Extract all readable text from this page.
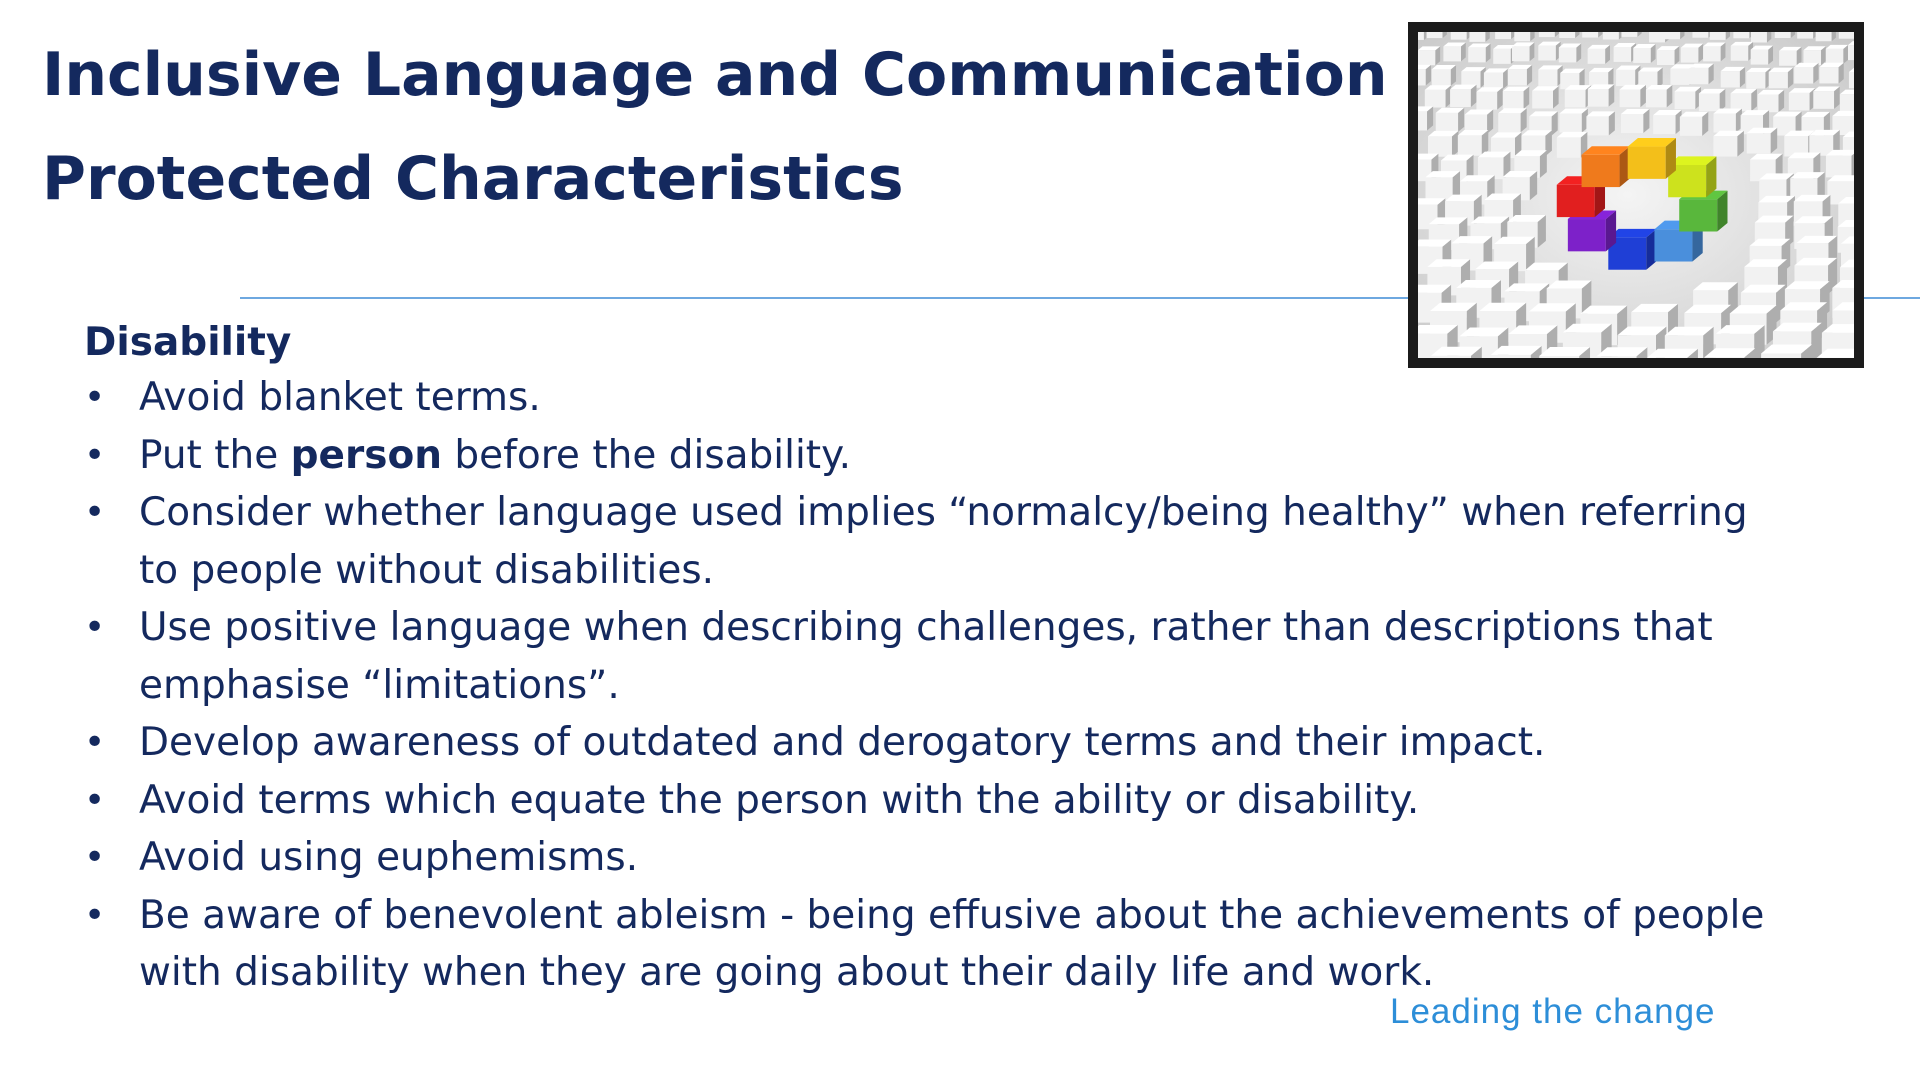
Inclusive Language and Communication
Protected Characteristics
Disability
• Avoid blanket terms.
• Put the person before the disability.
• Consider whether language used implies “normalcy/being healthy” when referring to people without disabilities.
• Use positive language when describing challenges, rather than descriptions that emphasise “limitations”.
• Develop awareness of outdated and derogatory terms and their impact.
• Avoid terms which equate the person with the ability or disability.
• Avoid using euphemisms.
• Be aware of benevolent ableism - being effusive about the achievements of people with disability when they are going about their daily life and work.
Leading the change
